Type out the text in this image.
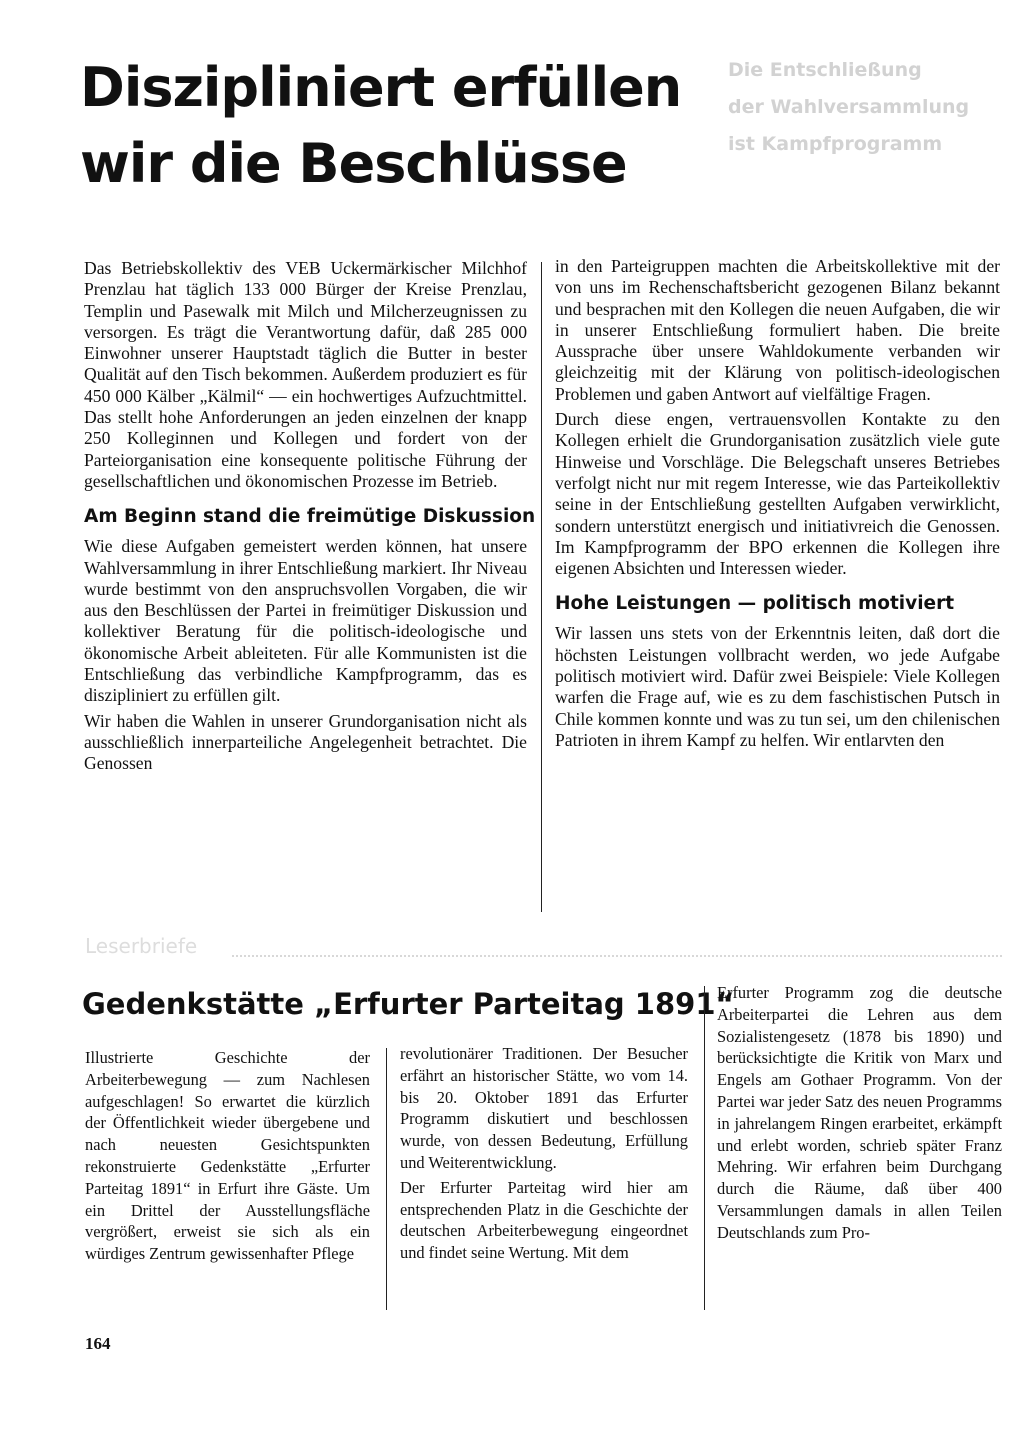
Diszipliniert erfüllen wir die Beschlüsse
Die Entschließung
der Wahlversammlung
ist Kampfprogramm

Das Betriebskollektiv des VEB Uckermärkischer Milchhof Prenzlau hat täglich 133 000 Bürger der Kreise Prenzlau, Templin und Pasewalk mit Milch und Milcherzeugnissen zu versorgen. Es trägt die Verantwortung dafür, daß 285 000 Einwohner unserer Hauptstadt täglich die Butter in bester Qualität auf den Tisch bekommen. Außerdem produziert es für 450 000 Kälber „Kälmil“ — ein hochwertiges Aufzuchtmittel. Das stellt hohe Anforderungen an jeden einzelnen der knapp 250 Kolleginnen und Kollegen und fordert von der Parteiorganisation eine konsequente politische Führung der gesellschaftlichen und ökonomischen Prozesse im Betrieb.

Am Beginn stand die freimütige Diskussion

Wie diese Aufgaben gemeistert werden können, hat unsere Wahlversammlung in ihrer Entschließung markiert. Ihr Niveau wurde bestimmt von den anspruchsvollen Vorgaben, die wir aus den Beschlüssen der Partei in freimütiger Diskussion und kollektiver Beratung für die politisch-ideologische und ökonomische Arbeit ableiteten. Für alle Kommunisten ist die Entschließung das verbindliche Kampfprogramm, das es diszipliniert zu erfüllen gilt.

Wir haben die Wahlen in unserer Grundorganisation nicht als ausschließlich innerparteiliche Angelegenheit betrachtet. Die Genossen

in den Parteigruppen machten die Arbeitskollektive mit der von uns im Rechenschaftsbericht gezogenen Bilanz bekannt und besprachen mit den Kollegen die neuen Aufgaben, die wir in unserer Entschließung formuliert haben. Die breite Aussprache über unsere Wahldokumente verbanden wir gleichzeitig mit der Klärung von politisch-ideologischen Problemen und gaben Antwort auf vielfältige Fragen.

Durch diese engen, vertrauensvollen Kontakte zu den Kollegen erhielt die Grundorganisation zusätzlich viele gute Hinweise und Vorschläge. Die Belegschaft unseres Betriebes verfolgt nicht nur mit regem Interesse, wie das Parteikollektiv seine in der Entschließung gestellten Aufgaben verwirklicht, sondern unterstützt energisch und initiativreich die Genossen. Im Kampfprogramm der BPO erkennen die Kollegen ihre eigenen Absichten und Interessen wieder.

Hohe Leistungen — politisch motiviert

Wir lassen uns stets von der Erkenntnis leiten, daß dort die höchsten Leistungen vollbracht werden, wo jede Aufgabe politisch motiviert wird. Dafür zwei Beispiele: Viele Kollegen warfen die Frage auf, wie es zu dem faschistischen Putsch in Chile kommen konnte und was zu tun sei, um den chilenischen Patrioten in ihrem Kampf zu helfen. Wir entlarvten den

Leserbriefe
Gedenkstätte „Erfurter Parteitag 1891“

Illustrierte Geschichte der Arbeiterbewegung — zum Nachlesen aufgeschlagen! So erwartet die kürzlich der Öffentlichkeit wieder übergebene und nach neuesten Gesichtspunkten rekonstruierte Gedenkstätte „Erfurter Parteitag 1891“ in Erfurt ihre Gäste. Um ein Drittel der Ausstellungsfläche vergrößert, erweist sie sich als ein würdiges Zentrum gewissenhafter Pflege

revolutionärer Traditionen. Der Besucher erfährt an historischer Stätte, wo vom 14. bis 20. Oktober 1891 das Erfurter Programm diskutiert und beschlossen wurde, von dessen Bedeutung, Erfüllung und Weiterentwicklung.

Der Erfurter Parteitag wird hier am entsprechenden Platz in die Geschichte der deutschen Arbeiterbewegung eingeordnet und findet seine Wertung. Mit dem

Erfurter Programm zog die deutsche Arbeiterpartei die Lehren aus dem Sozialistengesetz (1878 bis 1890) und berücksichtigte die Kritik von Marx und Engels am Gothaer Programm. Von der Partei war jeder Satz des neuen Programms in jahrelangem Ringen erarbeitet, erkämpft und erlebt worden, schrieb später Franz Mehring. Wir erfahren beim Durchgang durch die Räume, daß über 400 Versammlungen damals in allen Teilen Deutschlands zum Pro-

164
